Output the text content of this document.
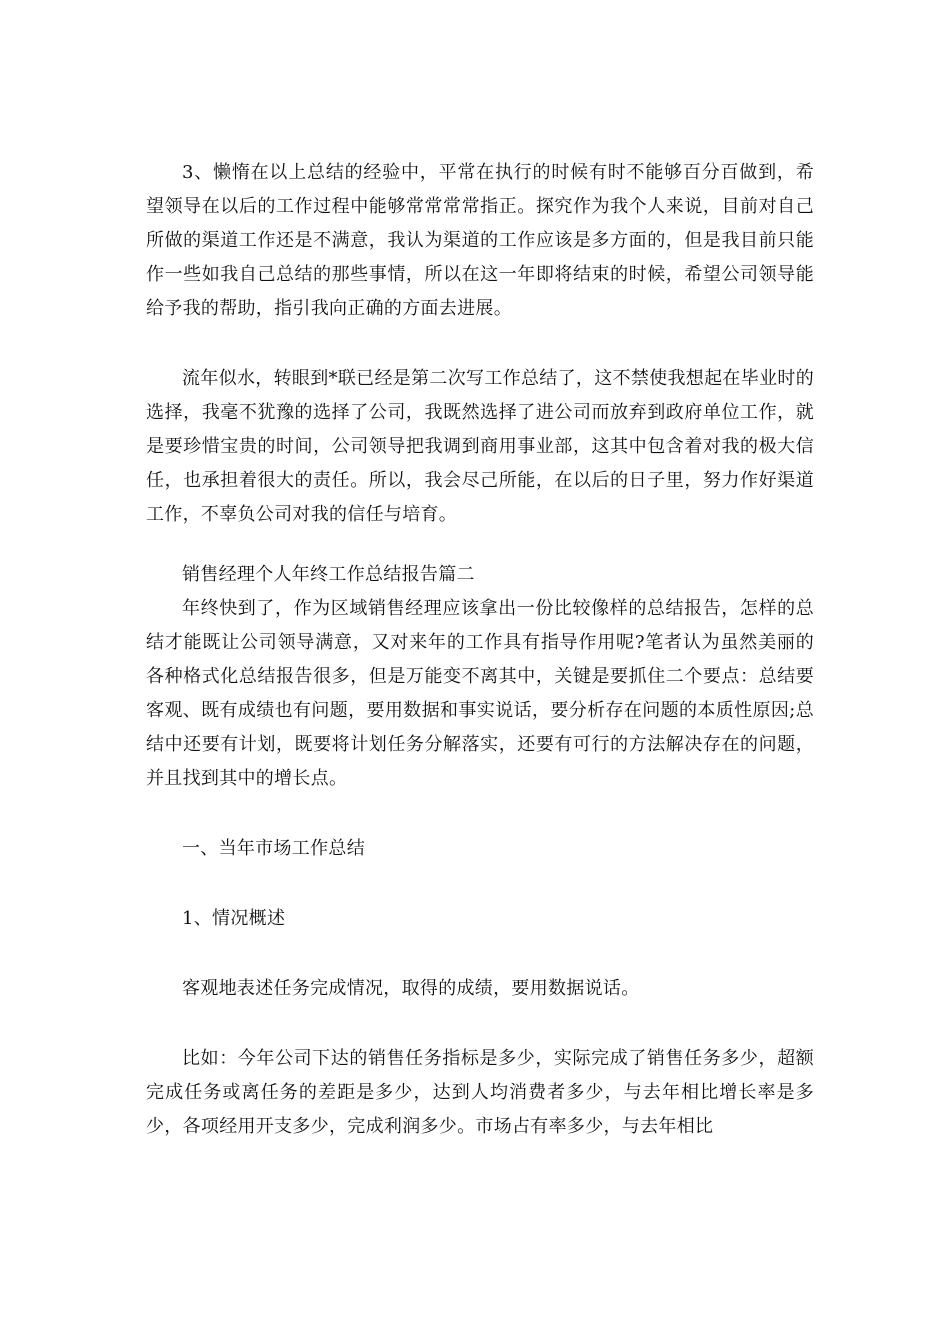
3、懒惰在以上总结的经验中，平常在执行的时候有时不能够百分百做到，希望领导在以后的工作过程中能够常常常常指正。探究作为我个人来说，目前对自己所做的渠道工作还是不满意，我认为渠道的工作应该是多方面的，但是我目前只能作一些如我自己总结的那些事情，所以在这一年即将结束的时候，希望公司领导能给予我的帮助，指引我向正确的方面去进展。

流年似水，转眼到*联已经是第二次写工作总结了，这不禁使我想起在毕业时的选择，我毫不犹豫的选择了公司，我既然选择了进公司而放弃到政府单位工作，就是要珍惜宝贵的时间，公司领导把我调到商用事业部，这其中包含着对我的极大信任，也承担着很大的责任。所以，我会尽己所能，在以后的日子里，努力作好渠道工作，不辜负公司对我的信任与培育。

销售经理个人年终工作总结报告篇二

年终快到了，作为区域销售经理应该拿出一份比较像样的总结报告，怎样的总结才能既让公司领导满意，又对来年的工作具有指导作用呢?笔者认为虽然美丽的各种格式化总结报告很多，但是万能变不离其中，关键是要抓住二个要点：总结要客观、既有成绩也有问题，要用数据和事实说话，要分析存在问题的本质性原因;总结中还要有计划，既要将计划任务分解落实，还要有可行的方法解决存在的问题，并且找到其中的增长点。

一、当年市场工作总结

1、情况概述

客观地表述任务完成情况，取得的成绩，要用数据说话。

比如：今年公司下达的销售任务指标是多少，实际完成了销售任务多少，超额完成任务或离任务的差距是多少，达到人均消费者多少，与去年相比增长率是多少，各项经用开支多少，完成利润多少。市场占有率多少，与去年相比
